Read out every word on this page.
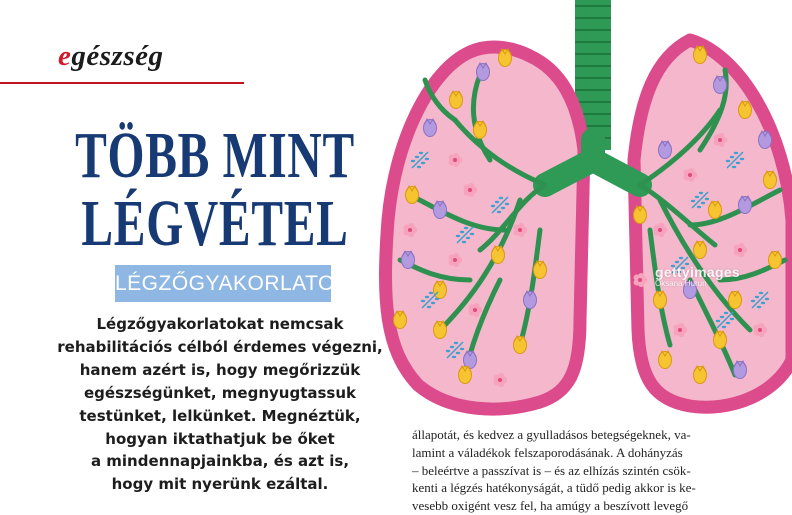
egészség
TÖBB MINT
LÉGVÉTEL
LÉGZŐGYAKORLATOK
Légzőgyakorlatokat nemcsak
rehabilitációs célból érdemes végezni,
hanem azért is, hogy megőrizzük
egészségünket, megnyugtassuk
testünket, lelkünket. Megnéztük,
hogyan iktathatjuk be őket
a mindennapjainkba, és azt is,
hogy mit nyerünk ezáltal.
gettyimages
Oksana Hurun
állapotát, és kedvez a gyulladásos betegségeknek, va-
lamint a váladékok felszaporodásának. A dohányzás
– beleértve a passzívat is – és az elhízás szintén csök-
kenti a légzés hatékonyságát, a tüdő pedig akkor is ke-
vesebb oxigént vesz fel, ha amúgy a beszívott levegő
